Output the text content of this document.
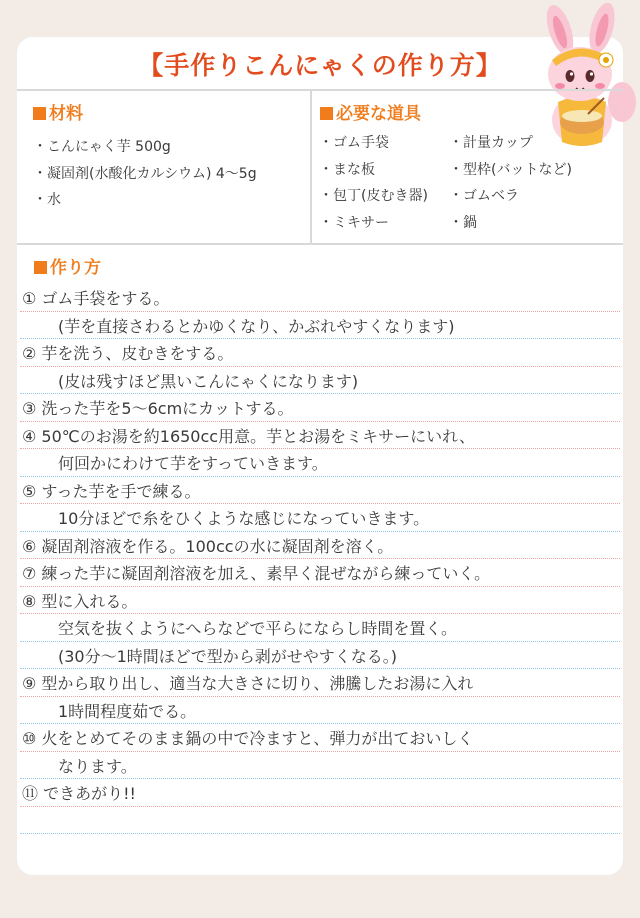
【手作りこんにゃくの作り方】
材料
・こんにゃく芋 500g
・凝固剤(水酸化カルシウム) 4〜5g
・水
必要な道具
・ゴム手袋
・まな板
・包丁(皮むき器)
・ミキサー
・計量カップ
・型枠(バットなど)
・ゴムベラ
・鍋
作り方
① ゴム手袋をする。
(芋を直接さわるとかゆくなり、かぶれやすくなります)
② 芋を洗う、皮むきをする。
(皮は残すほど黒いこんにゃくになります)
③ 洗った芋を5〜6cmにカットする。
④ 50℃のお湯を約1650cc用意。芋とお湯をミキサーにいれ、
何回かにわけて芋をすっていきます。
⑤ すった芋を手で練る。
10分ほどで糸をひくような感じになっていきます。
⑥ 凝固剤溶液を作る。100ccの水に凝固剤を溶く。
⑦ 練った芋に凝固剤溶液を加え、素早く混ぜながら練っていく。
⑧ 型に入れる。
空気を抜くようにへらなどで平らにならし時間を置く。
(30分〜1時間ほどで型から剥がせやすくなる。)
⑨ 型から取り出し、適当な大きさに切り、沸騰したお湯に入れ
1時間程度茹でる。
⑩ 火をとめてそのまま鍋の中で冷ますと、弾力が出ておいしく
なります。
⑪ できあがり!!
